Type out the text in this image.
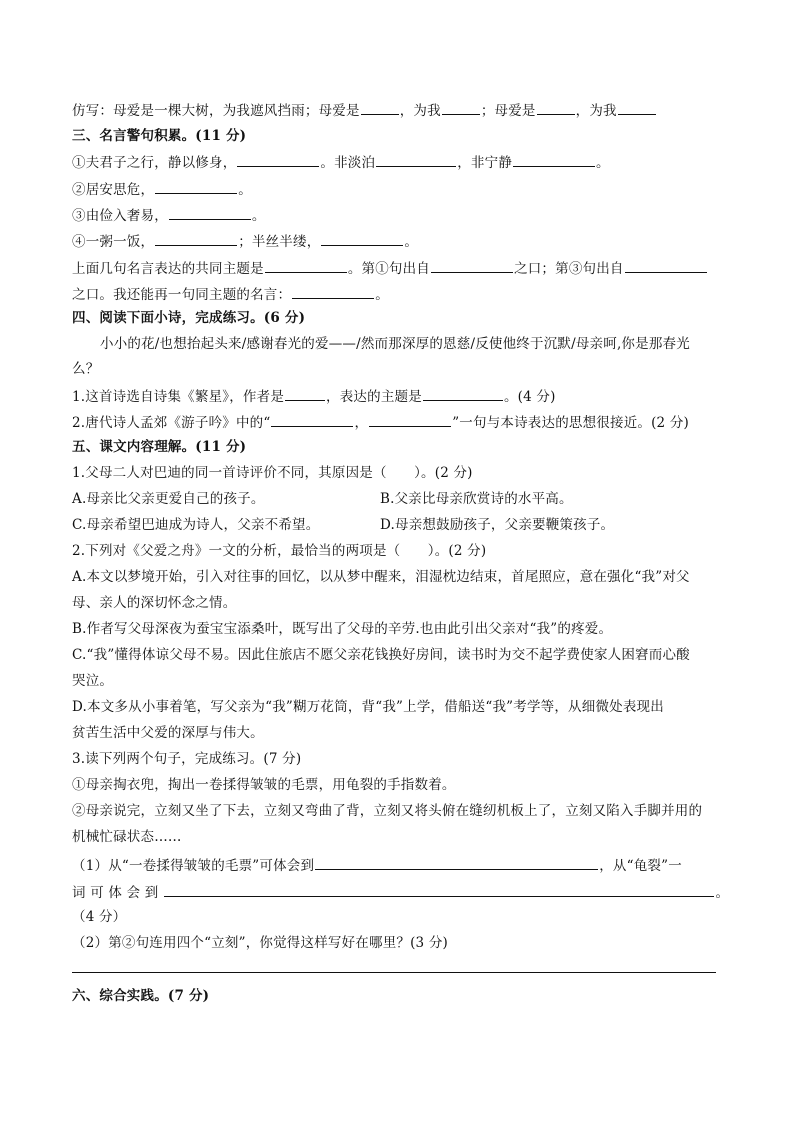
仿写：母爱是一棵大树，为我遮风挡雨；母爱是	，为我	；母爱是	，为我
三、名言警句积累。(11 分)
①夫君子之行，静以修身，	。非淡泊	，非宁静	。
②居安思危，	。
③由俭入奢易，	。
④一粥一饭，	；半丝半缕，	。
上面几句名言表达的共同主题是	。第①句出自	之口；第③句出自
之口。我还能再一句同主题的名言：	。
四、阅读下面小诗，完成练习。(6 分)
小小的花/也想抬起头来/感谢春光的爱——/然而那深厚的恩慈/反使他终于沉默/母亲呵,你是那春光
么？
1.这首诗选自诗集《繁星》，作者是	，表达的主题是	。(4 分)
2.唐代诗人孟郊《游子吟》中的“	，	”一句与本诗表达的思想很接近。(2 分)
五、课文内容理解。(11 分)
1.父母二人对巴迪的同一首诗评价不同，其原因是（　　）。(2 分)
A.母亲比父亲更爱自己的孩子。	B.父亲比母亲欣赏诗的水平高。
C.母亲希望巴迪成为诗人，父亲不希望。	D.母亲想鼓励孩子，父亲要鞭策孩子。
2.下列对《父爱之舟》一文的分析，最恰当的两项是（　　）。(2 分)
A.本文以梦境开始，引入对往事的回忆，以从梦中醒来，泪湿枕边结束，首尾照应，意在强化“我”对父
母、亲人的深切怀念之情。
B.作者写父母深夜为蚕宝宝添桑叶，既写出了父母的辛劳.也由此引出父亲对“我”的疼爱。
C.“我”懂得体谅父母不易。因此住旅店不愿父亲花钱换好房间，读书时为交不起学费使家人困窘而心酸
哭泣。
D.本文多从小事着笔，写父亲为“我”糊万花筒，背“我”上学，借船送“我”考学等，从细微处表现出
贫苦生活中父爱的深厚与伟大。
3.读下列两个句子，完成练习。(7 分)
①母亲掏衣兜，掏出一卷揉得皱皱的毛票，用龟裂的手指数着。
②母亲说完，立刻又坐了下去，立刻又弯曲了背，立刻又将头俯在缝纫机板上了，立刻又陷入手脚并用的
机械忙碌状态……
（1）从“一卷揉得皱皱的毛票”可体会到	，从“龟裂”一
词 可 体 会 到	。
（4 分）
（2）第②句连用四个“立刻”，你觉得这样写好在哪里？(3 分)
六、综合实践。(7 分)
